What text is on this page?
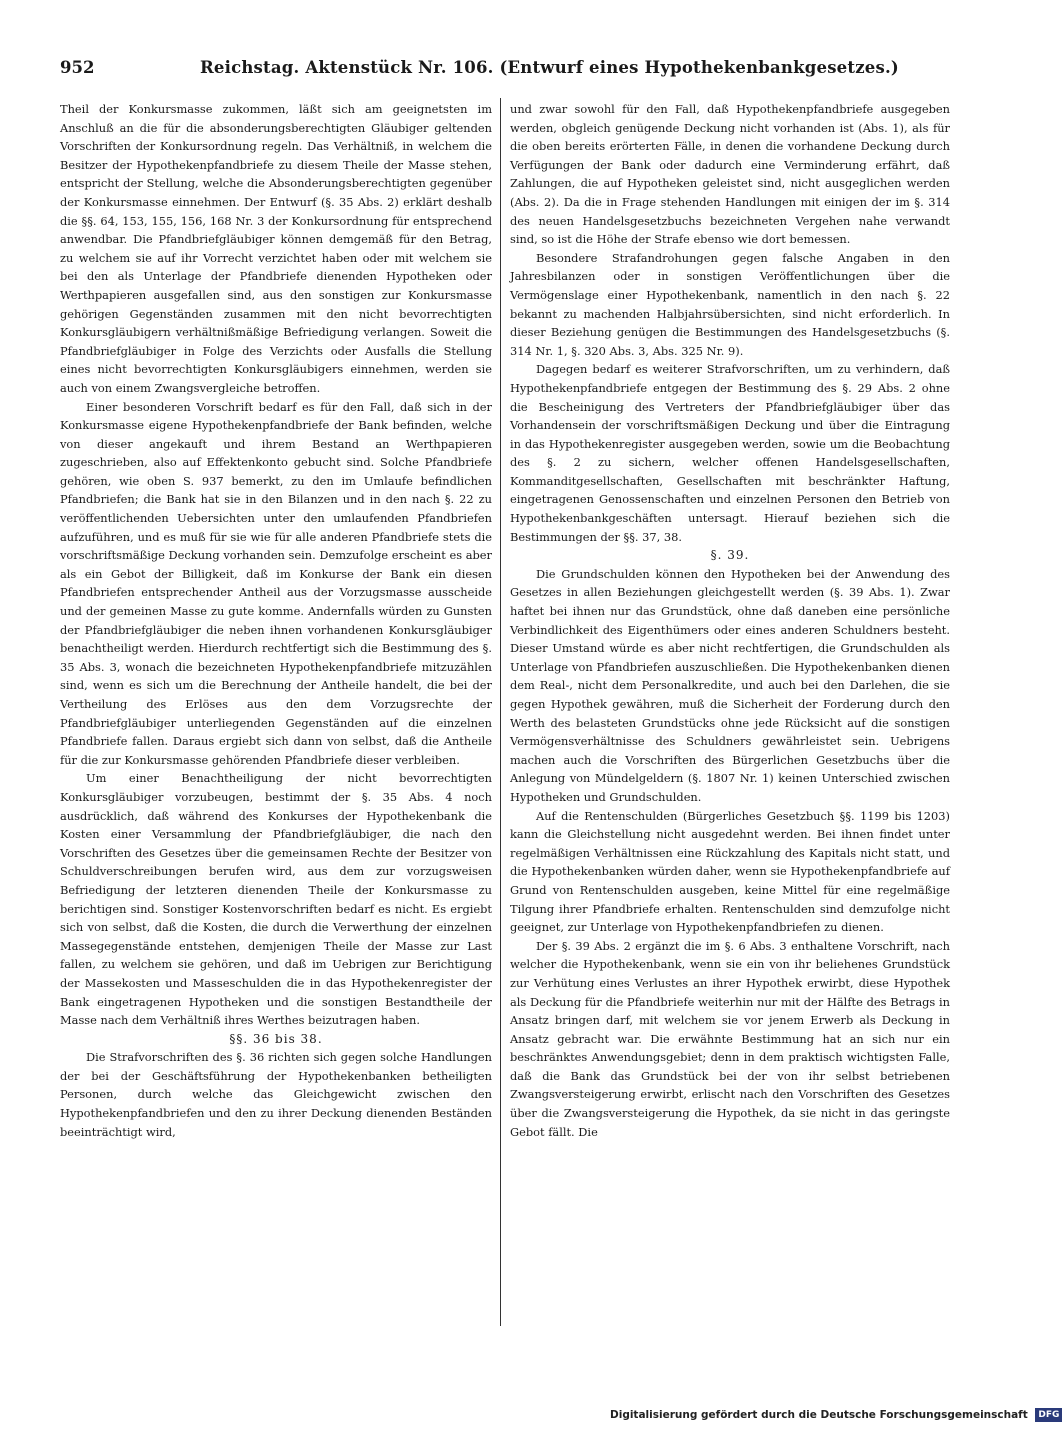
952	Reichstag. Aktenstück Nr. 106. (Entwurf eines Hypothekenbankgesetzes.)

Theil der Konkursmasse zukommen, läßt sich am geeignetsten im Anschluß an die für die absonderungsberechtigten Gläubiger geltenden Vorschriften der Konkursordnung regeln. Das Verhältniß, in welchem die Besitzer der Hypothekenpfandbriefe zu diesem Theile der Masse stehen, entspricht der Stellung, welche die Absonderungsberechtigten gegenüber der Konkursmasse einnehmen. Der Entwurf (§. 35 Abs. 2) erklärt deshalb die §§. 64, 153, 155, 156, 168 Nr. 3 der Konkursordnung für entsprechend anwendbar. Die Pfandbriefgläubiger können demgemäß für den Betrag, zu welchem sie auf ihr Vorrecht verzichtet haben oder mit welchem sie bei den als Unterlage der Pfandbriefe dienenden Hypotheken oder Werthpapieren ausgefallen sind, aus den sonstigen zur Konkursmasse gehörigen Gegenständen zusammen mit den nicht bevorrechtigten Konkursgläubigern verhältnißmäßige Befriedigung verlangen. Soweit die Pfandbriefgläubiger in Folge des Verzichts oder Ausfalls die Stellung eines nicht bevorrechtigten Konkursgläubigers einnehmen, werden sie auch von einem Zwangsvergleiche betroffen.

Einer besonderen Vorschrift bedarf es für den Fall, daß sich in der Konkursmasse eigene Hypothekenpfandbriefe der Bank befinden, welche von dieser angekauft und ihrem Bestand an Werthpapieren zugeschrieben, also auf Effektenkonto gebucht sind. Solche Pfandbriefe gehören, wie oben S. 937 bemerkt, zu den im Umlaufe befindlichen Pfandbriefen; die Bank hat sie in den Bilanzen und in den nach §. 22 zu veröffentlichenden Uebersichten unter den umlaufenden Pfandbriefen aufzuführen, und es muß für sie wie für alle anderen Pfandbriefe stets die vorschriftsmäßige Deckung vorhanden sein. Demzufolge erscheint es aber als ein Gebot der Billigkeit, daß im Konkurse der Bank ein diesen Pfandbriefen entsprechender Antheil aus der Vorzugsmasse ausscheide und der gemeinen Masse zu gute komme. Andernfalls würden zu Gunsten der Pfandbriefgläubiger die neben ihnen vorhandenen Konkursgläubiger benachtheiligt werden. Hierdurch rechtfertigt sich die Bestimmung des §. 35 Abs. 3, wonach die bezeichneten Hypothekenpfandbriefe mitzuzählen sind, wenn es sich um die Berechnung der Antheile handelt, die bei der Vertheilung des Erlöses aus den dem Vorzugsrechte der Pfandbriefgläubiger unterliegenden Gegenständen auf die einzelnen Pfandbriefe fallen. Daraus ergiebt sich dann von selbst, daß die Antheile für die zur Konkursmasse gehörenden Pfandbriefe dieser verbleiben.

Um einer Benachtheiligung der nicht bevorrechtigten Konkursgläubiger vorzubeugen, bestimmt der §. 35 Abs. 4 noch ausdrücklich, daß während des Konkurses der Hypothekenbank die Kosten einer Versammlung der Pfandbriefgläubiger, die nach den Vorschriften des Gesetzes über die gemeinsamen Rechte der Besitzer von Schuldverschreibungen berufen wird, aus dem zur vorzugsweisen Befriedigung der letzteren dienenden Theile der Konkursmasse zu berichtigen sind. Sonstiger Kostenvorschriften bedarf es nicht. Es ergiebt sich von selbst, daß die Kosten, die durch die Verwerthung der einzelnen Massegegenstände entstehen, demjenigen Theile der Masse zur Last fallen, zu welchem sie gehören, und daß im Uebrigen zur Berichtigung der Massekosten und Masseschulden die in das Hypothekenregister der Bank eingetragenen Hypotheken und die sonstigen Bestandtheile der Masse nach dem Verhältniß ihres Werthes beizutragen haben.

§§. 36 bis 38.

Die Strafvorschriften des §. 36 richten sich gegen solche Handlungen der bei der Geschäftsführung der Hypothekenbanken betheiligten Personen, durch welche das Gleichgewicht zwischen den Hypothekenpfandbriefen und den zu ihrer Deckung dienenden Beständen beeinträchtigt wird,

und zwar sowohl für den Fall, daß Hypothekenpfandbriefe ausgegeben werden, obgleich genügende Deckung nicht vorhanden ist (Abs. 1), als für die oben bereits erörterten Fälle, in denen die vorhandene Deckung durch Verfügungen der Bank oder dadurch eine Verminderung erfährt, daß Zahlungen, die auf Hypotheken geleistet sind, nicht ausgeglichen werden (Abs. 2). Da die in Frage stehenden Handlungen mit einigen der im §. 314 des neuen Handelsgesetzbuchs bezeichneten Vergehen nahe verwandt sind, so ist die Höhe der Strafe ebenso wie dort bemessen.

Besondere Strafandrohungen gegen falsche Angaben in den Jahresbilanzen oder in sonstigen Veröffentlichungen über die Vermögenslage einer Hypothekenbank, namentlich in den nach §. 22 bekannt zu machenden Halbjahrsübersichten, sind nicht erforderlich. In dieser Beziehung genügen die Bestimmungen des Handelsgesetzbuchs (§. 314 Nr. 1, §. 320 Abs. 3, Abs. 325 Nr. 9).

Dagegen bedarf es weiterer Strafvorschriften, um zu verhindern, daß Hypothekenpfandbriefe entgegen der Bestimmung des §. 29 Abs. 2 ohne die Bescheinigung des Vertreters der Pfandbriefgläubiger über das Vorhandensein der vorschriftsmäßigen Deckung und über die Eintragung in das Hypothekenregister ausgegeben werden, sowie um die Beobachtung des §. 2 zu sichern, welcher offenen Handelsgesellschaften, Kommanditgesellschaften, Gesellschaften mit beschränkter Haftung, eingetragenen Genossenschaften und einzelnen Personen den Betrieb von Hypothekenbankgeschäften untersagt. Hierauf beziehen sich die Bestimmungen der §§. 37, 38.

§. 39.

Die Grundschulden können den Hypotheken bei der Anwendung des Gesetzes in allen Beziehungen gleichgestellt werden (§. 39 Abs. 1). Zwar haftet bei ihnen nur das Grundstück, ohne daß daneben eine persönliche Verbindlichkeit des Eigenthümers oder eines anderen Schuldners besteht. Dieser Umstand würde es aber nicht rechtfertigen, die Grundschulden als Unterlage von Pfandbriefen auszuschließen. Die Hypothekenbanken dienen dem Real-, nicht dem Personalkredite, und auch bei den Darlehen, die sie gegen Hypothek gewähren, muß die Sicherheit der Forderung durch den Werth des belasteten Grundstücks ohne jede Rücksicht auf die sonstigen Vermögensverhältnisse des Schuldners gewährleistet sein. Uebrigens machen auch die Vorschriften des Bürgerlichen Gesetzbuchs über die Anlegung von Mündelgeldern (§. 1807 Nr. 1) keinen Unterschied zwischen Hypotheken und Grundschulden.

Auf die Rentenschulden (Bürgerliches Gesetzbuch §§. 1199 bis 1203) kann die Gleichstellung nicht ausgedehnt werden. Bei ihnen findet unter regelmäßigen Verhältnissen eine Rückzahlung des Kapitals nicht statt, und die Hypothekenbanken würden daher, wenn sie Hypothekenpfandbriefe auf Grund von Rentenschulden ausgeben, keine Mittel für eine regelmäßige Tilgung ihrer Pfandbriefe erhalten. Rentenschulden sind demzufolge nicht geeignet, zur Unterlage von Hypothekenpfandbriefen zu dienen.

Der §. 39 Abs. 2 ergänzt die im §. 6 Abs. 3 enthaltene Vorschrift, nach welcher die Hypothekenbank, wenn sie ein von ihr beliehenes Grundstück zur Verhütung eines Verlustes an ihrer Hypothek erwirbt, diese Hypothek als Deckung für die Pfandbriefe weiterhin nur mit der Hälfte des Betrags in Ansatz bringen darf, mit welchem sie vor jenem Erwerb als Deckung in Ansatz gebracht war. Die erwähnte Bestimmung hat an sich nur ein beschränktes Anwendungsgebiet; denn in dem praktisch wichtigsten Falle, daß die Bank das Grundstück bei der von ihr selbst betriebenen Zwangsversteigerung erwirbt, erlischt nach den Vorschriften des Gesetzes über die Zwangsversteigerung die Hypothek, da sie nicht in das geringste Gebot fällt. Die

Digitalisierung gefördert durch die Deutsche Forschungsgemeinschaft DFG
